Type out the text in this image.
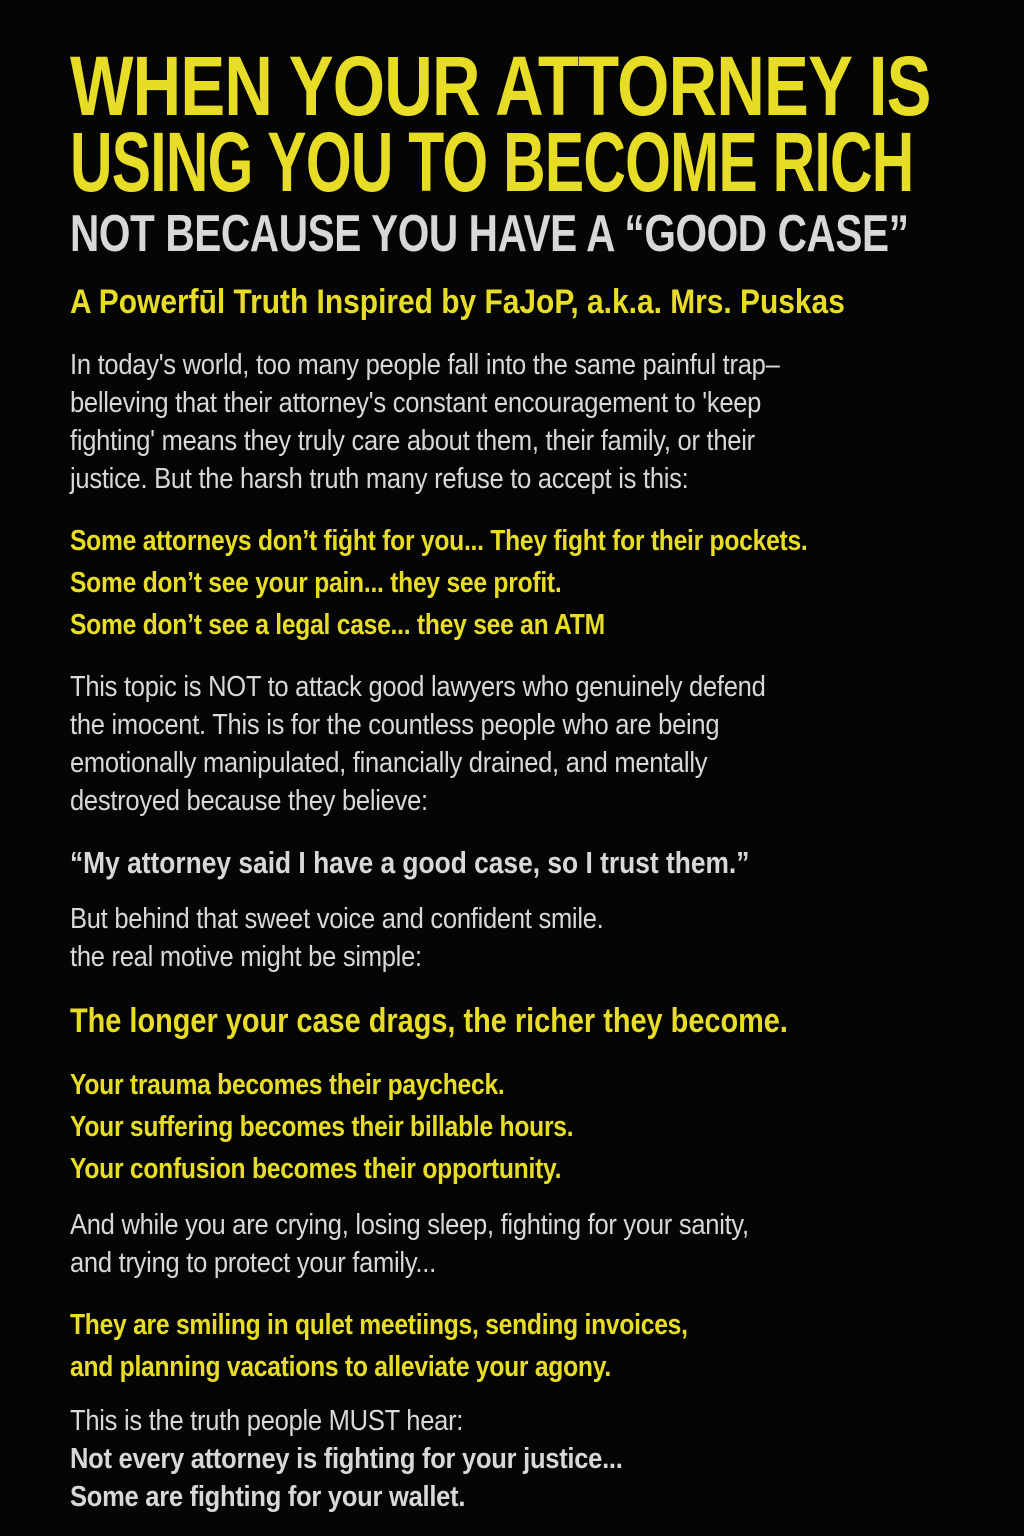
WHEN YOUR ATTORNEY IS
USING YOU TO BECOME RICH
NOT BECAUSE YOU HAVE A “GOOD CASE”
A Powerfūl Truth Inspired by FaJoP, a.k.a. Mrs. Puskas
In today's world, too many people fall into the same painful trap–
belleving that their attorney's constant encouragement to 'keep
fighting' means they truly care about them, their family, or their
justice. But the harsh truth many refuse to accept is this:
Some attorneys don’t fiġht for you... They fight for their pockets.
Some don’t see your pain... they see profit.
Some don’t see a legal case... they see an ATM
This topic is NOT to attack good lawyers who genuinely defend
the imocent. This is for the countless people who are being
emotionally manipulated, financially drained, and mentally
destroyed because they believe:
“My attorney said I have a good case, so I trust them.”
But behind that sweet voice and confident smile.
the real motive might be simple:
The longer your case drags, the richer they become.
Your trauma becomes their paycheck.
Your suffering becomes their billable hours.
Your confusion becomes their opportunity.
And while you are crying, losing sleep, fighting for your sanity,
and trying to protect your family...
They are smiling in qulet meetiings, sending invoices,
and planning vacations to alleviate your agony.
This is the truth people MUST hear:
Not every attorney is fighting for your justice...
Some are fighting for your wallet.
